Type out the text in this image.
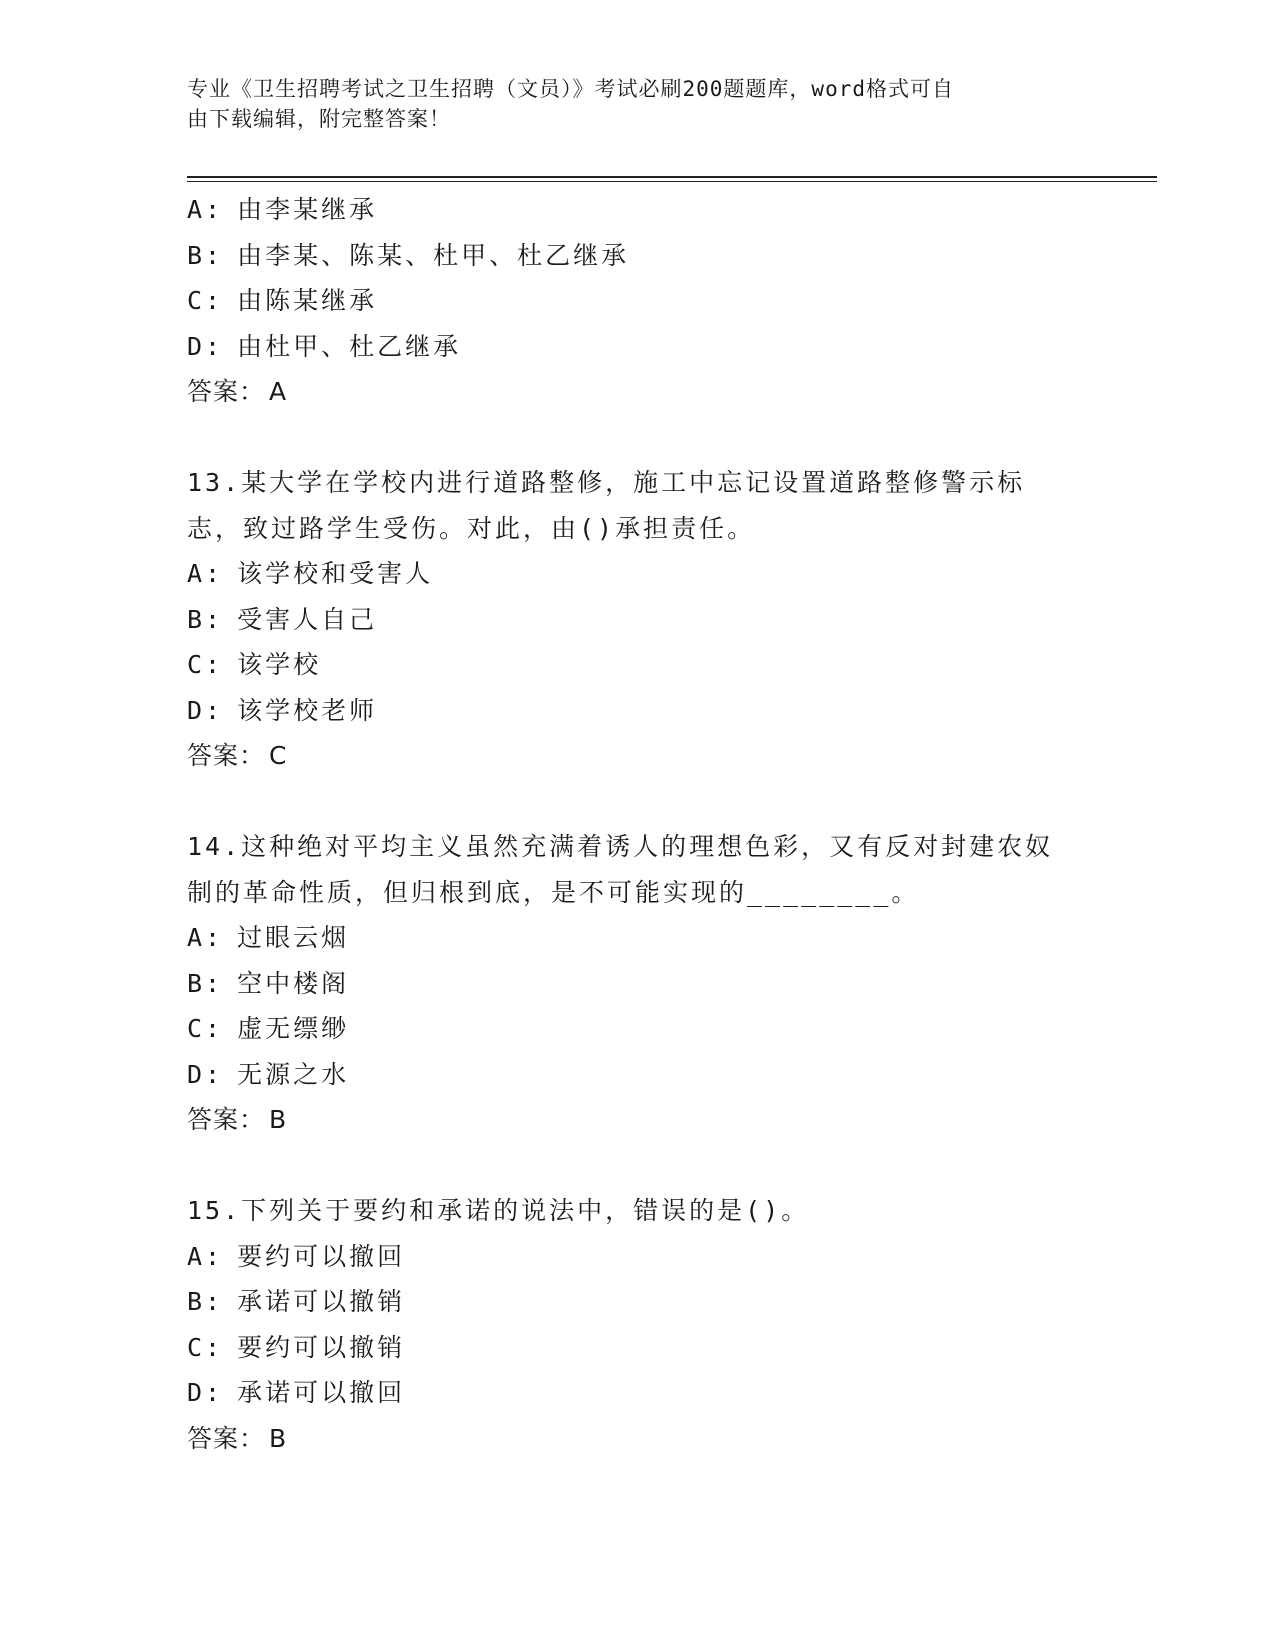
专业《卫生招聘考试之卫生招聘（文员）》考试必刷200题题库，word格式可自
由下载编辑，附完整答案！
A: 由李某继承
B: 由李某、陈某、杜甲、杜乙继承
C: 由陈某继承
D: 由杜甲、杜乙继承
答案： A
13.某大学在学校内进行道路整修，施工中忘记设置道路整修警示标志，致过路学生受伤。对此，由()承担责任。
A: 该学校和受害人
B: 受害人自己
C: 该学校
D: 该学校老师
答案： C
14.这种绝对平均主义虽然充满着诱人的理想色彩，又有反对封建农奴制的革命性质，但归根到底，是不可能实现的________。
A: 过眼云烟
B: 空中楼阁
C: 虚无缥缈
D: 无源之水
答案： B
15.下列关于要约和承诺的说法中，错误的是()。
A: 要约可以撤回
B: 承诺可以撤销
C: 要约可以撤销
D: 承诺可以撤回
答案： B
